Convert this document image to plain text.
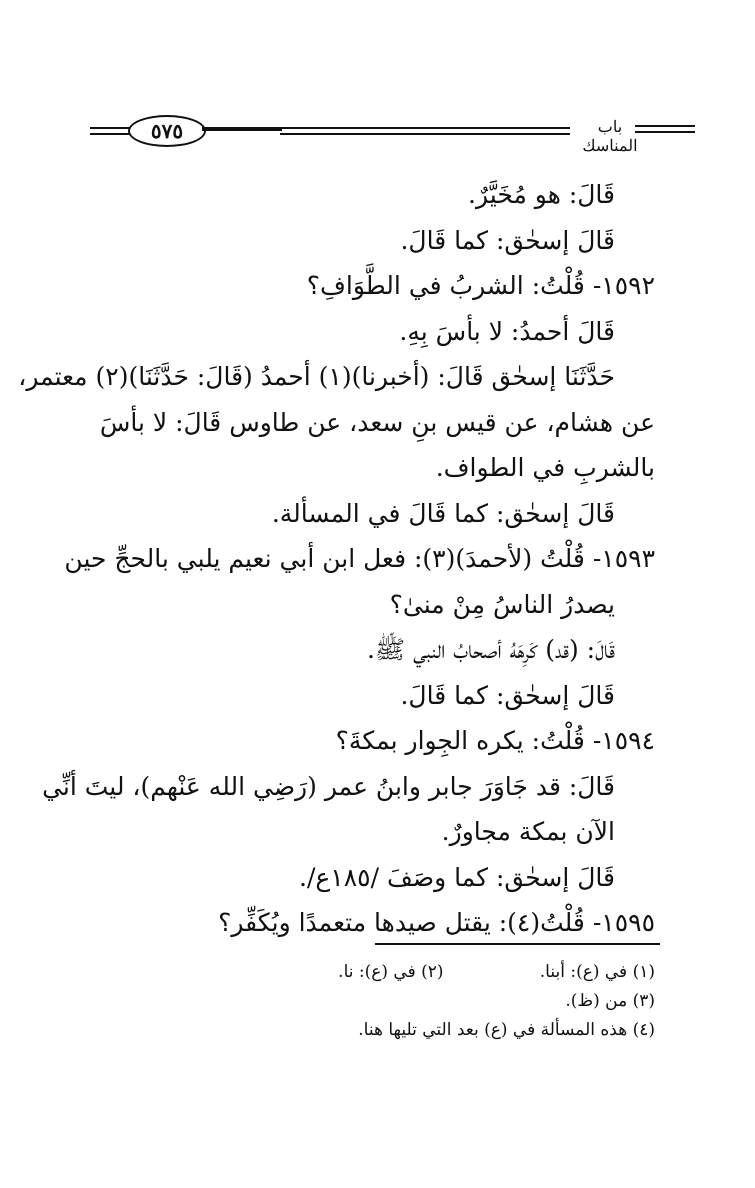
٥٧٥	باب المناسك
قَالَ: هو مُخَيَّرٌ.
قَالَ إسحٰق: كما قَالَ.
١٥٩٢- قُلْتُ: الشربُ في الطَّوَافِ؟
قَالَ أحمدُ: لا بأسَ بِهِ.
حَدَّثَنَا إسحٰق قَالَ: (أخبرنا)(١) أحمدُ (قَالَ: حَدَّثَنَا)(٢) معتمر،
عن هشام، عن قيس بنِ سعد، عن طاوس قَالَ: لا بأسَ
بالشربِ في الطواف.
قَالَ إسحٰق: كما قَالَ في المسألة.
١٥٩٣- قُلْتُ (لأحمدَ)(٣): فعل ابن أبي نعيم يلبي بالحجِّ حين
يصدرُ الناسُ مِنْ منىٰ؟
قَالَ: (قد) كَرِهَهُ أصحابُ النبي ﷺ.
قَالَ إسحٰق: كما قَالَ.
١٥٩٤- قُلْتُ: يكره الجِوار بمكةَ؟
قَالَ: قد جَاوَرَ جابر وابنُ عمر (رَضِي الله عَنْهم)، ليتَ أنِّي
الآن بمكة مجاورٌ.
قَالَ إسحٰق: كما وصَفَ /١٨٥ع/.
١٥٩٥- قُلْتُ(٤): يقتل صيدها متعمدًا ويُكَفِّر؟
(١) في (ع): أبنا.   (٢) في (ع): نا.
(٣) من (ظ).
(٤) هذه المسألة في (ع) بعد التي تليها هنا.
